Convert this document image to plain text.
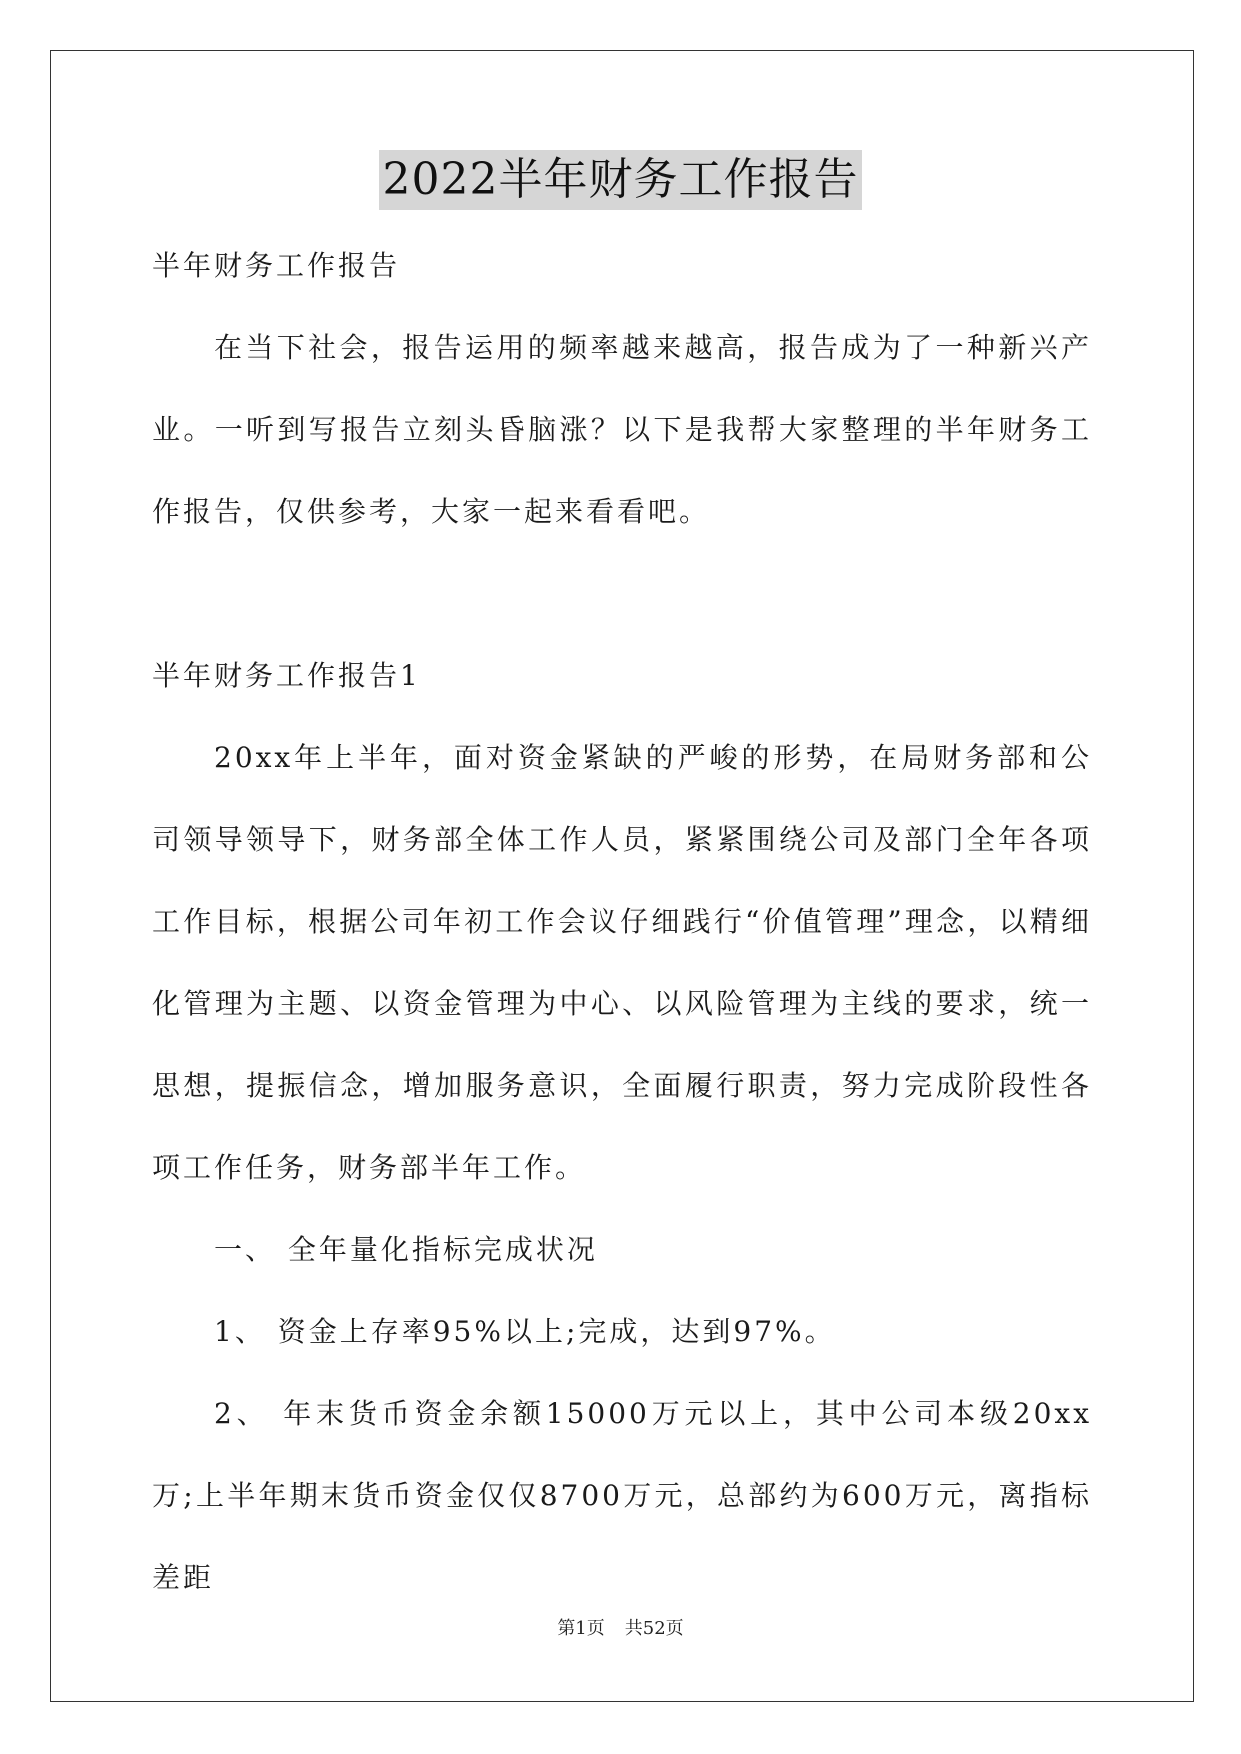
2022半年财务工作报告

半年财务工作报告

在当下社会，报告运用的频率越来越高，报告成为了一种新兴产业。一听到写报告立刻头昏脑涨？以下是我帮大家整理的半年财务工作报告，仅供参考，大家一起来看看吧。

半年财务工作报告1

20xx年上半年，面对资金紧缺的严峻的形势，在局财务部和公司领导领导下，财务部全体工作人员，紧紧围绕公司及部门全年各项工作目标，根据公司年初工作会议仔细践行“价值管理”理念，以精细化管理为主题、以资金管理为中心、以风险管理为主线的要求，统一思想，提振信念，增加服务意识，全面履行职责，努力完成阶段性各项工作任务，财务部半年工作。

一、 全年量化指标完成状况

1、 资金上存率95%以上;完成，达到97%。

2、 年末货币资金余额15000万元以上，其中公司本级20xx万;上半年期末货币资金仅仅8700万元，总部约为600万元，离指标差距

第1页 共52页
